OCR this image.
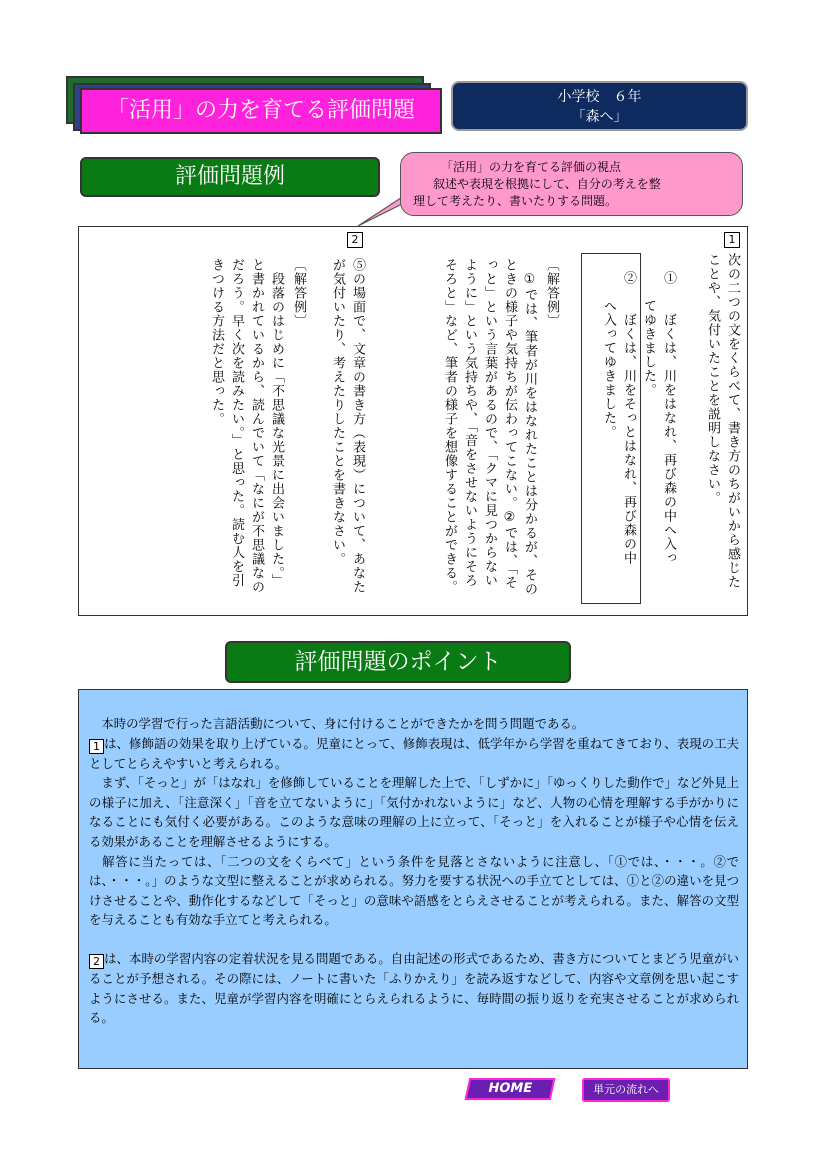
「活用」の力を育てる評価問題
小学校　６年
「森へ」
評価問題例	「活用」の力を育てる評価の視点
叙述や表現を根拠にして、自分の考えを整
理して考えたり、書いたりする問題。
1
次の二つの文をくらべて、書き方のちがいから感じた
ことや、気付いたことを説明しなさい。
①　　ぼくは、川をはなれ、再び森の中へ入っ
②　　ぼくは、川をそっとはなれ、再び森の中
〔解答例〕
　①では、筆者が川をはなれたことは分かるが、その
ときの様子や気持ちが伝わってこない。②では、「そ
っと」という言葉があるので、「クマに見つからない
ように」という気持ちや、「音をさせないようにそろ
そろと」など、筆者の様子を想像することができる。
2
⑤の場面で、文章の書き方（表現）について、あなた
が気付いたり、考えたりしたことを書きなさい。
〔解答例〕
　段落のはじめに「不思議な光景に出会いました。」
と書かれているから、読んでいて「なにが不思議なの
だろう。早く次を読みたい。」と思った。読む人を引
きつける方法だと思った。
評価問題のポイント

　本時の学習で行った言語活動について、身に付けることができたかを問う問題である。

1 は、修飾語の効果を取り上げている。児童にとって、修飾表現は、低学年から学習を重ねてきており、表現の工夫としてとらえやすいと考えられる。

　まず、「そっと」が「はなれ」を修飾していることを理解した上で、「しずかに」「ゆっくりした動作で」など外見上の様子に加え、「注意深く」「音を立てないように」「気付かれないように」など、人物の心情を理解する手がかりになることにも気付く必要がある。このような意味の理解の上に立って、「そっと」を入れることが様子や心情を伝える効果があることを理解させるようにする。

　解答に当たっては、「二つの文をくらべて」という条件を見落とさないように注意し、「①では、・・・。②では、・・・。」のような文型に整えることが求められる。努力を要する状況への手立てとしては、①と②の違いを見つけさせることや、動作化するなどして「そっと」の意味や語感をとらえさせることが考えられる。また、解答の文型を与えることも有効な手立てと考えられる。

2 は、本時の学習内容の定着状況を見る問題である。自由記述の形式であるため、書き方についてとまどう児童がいることが予想される。その際には、ノートに書いた「ふりかえり」を読み返すなどして、内容や文章例を思い起こすようにさせる。また、児童が学習内容を明確にとらえられるように、毎時間の振り返りを充実させることが求められる。

HOME	単元の流れへ
　　てゆきました。
　　へ入ってゆきました。
